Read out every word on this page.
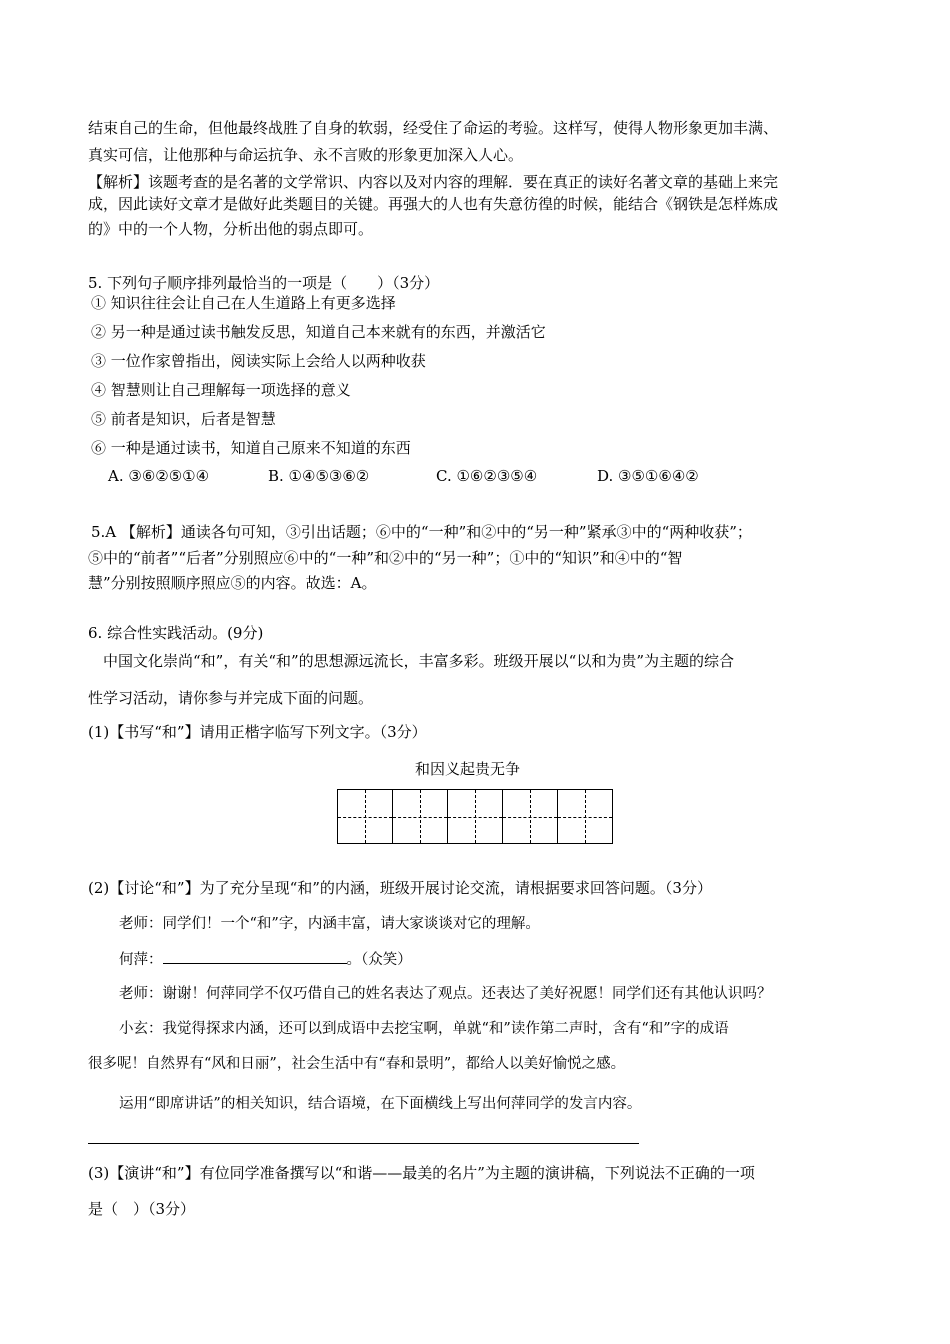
结束自己的生命，但他最终战胜了自身的软弱，经受住了命运的考验。这样写，使得人物形象更加丰满、
真实可信，让他那种与命运抗争、永不言败的形象更加深入人心。
【解析】该题考查的是名著的文学常识、内容以及对内容的理解．要在真正的读好名著文章的基础上来完
成，因此读好文章才是做好此类题目的关键。再强大的人也有失意彷徨的时候，能结合《钢铁是怎样炼成
的》中的一个人物，分析出他的弱点即可。
5. 下列句子顺序排列最恰当的一项是（　　）（3分）
① 知识往往会让自己在人生道路上有更多选择
② 另一种是通过读书触发反思，知道自己本来就有的东西，并激活它
③ 一位作家曾指出，阅读实际上会给人以两种收获
④ 智慧则让自己理解每一项选择的意义
⑤ 前者是知识，后者是智慧
⑥ 一种是通过读书，知道自己原来不知道的东西
A. ③⑥②⑤①④	B. ①④⑤③⑥②	C. ①⑥②③⑤④	D. ③⑤①⑥④②
5.A 【解析】通读各句可知，③引出话题；⑥中的“一种”和②中的“另一种”紧承③中的“两种收获”；
⑤中的“前者”“后者”分别照应⑥中的“一种”和②中的“另一种”；①中的“知识”和④中的“智
慧”分别按照顺序照应⑤的内容。故选：A。
6. 综合性实践活动。(9分)
中国文化崇尚“和”，有关“和”的思想源远流长，丰富多彩。班级开展以“以和为贵”为主题的综合
性学习活动，请你参与并完成下面的问题。
(1)【书写“和”】请用正楷字临写下列文字。（3分）
和因义起贵无争
(2)【讨论“和”】为了充分呈现“和”的内涵，班级开展讨论交流，请根据要求回答问题。（3分）
老师：同学们！一个“和”字，内涵丰富，请大家谈谈对它的理解。
何萍：	。（众笑）
老师：谢谢！何萍同学不仅巧借自己的姓名表达了观点。还表达了美好祝愿！同学们还有其他认识吗？
小玄：我觉得探求内涵，还可以到成语中去挖宝啊，单就“和”读作第二声时，含有“和”字的成语
很多呢！自然界有“风和日丽”，社会生活中有“春和景明”，都给人以美好愉悦之感。
运用“即席讲话”的相关知识，结合语境，在下面横线上写出何萍同学的发言内容。
(3)【演讲“和”】有位同学准备撰写以“和谐——最美的名片”为主题的演讲稿，下列说法不正确的一项
是（　）（3分）
